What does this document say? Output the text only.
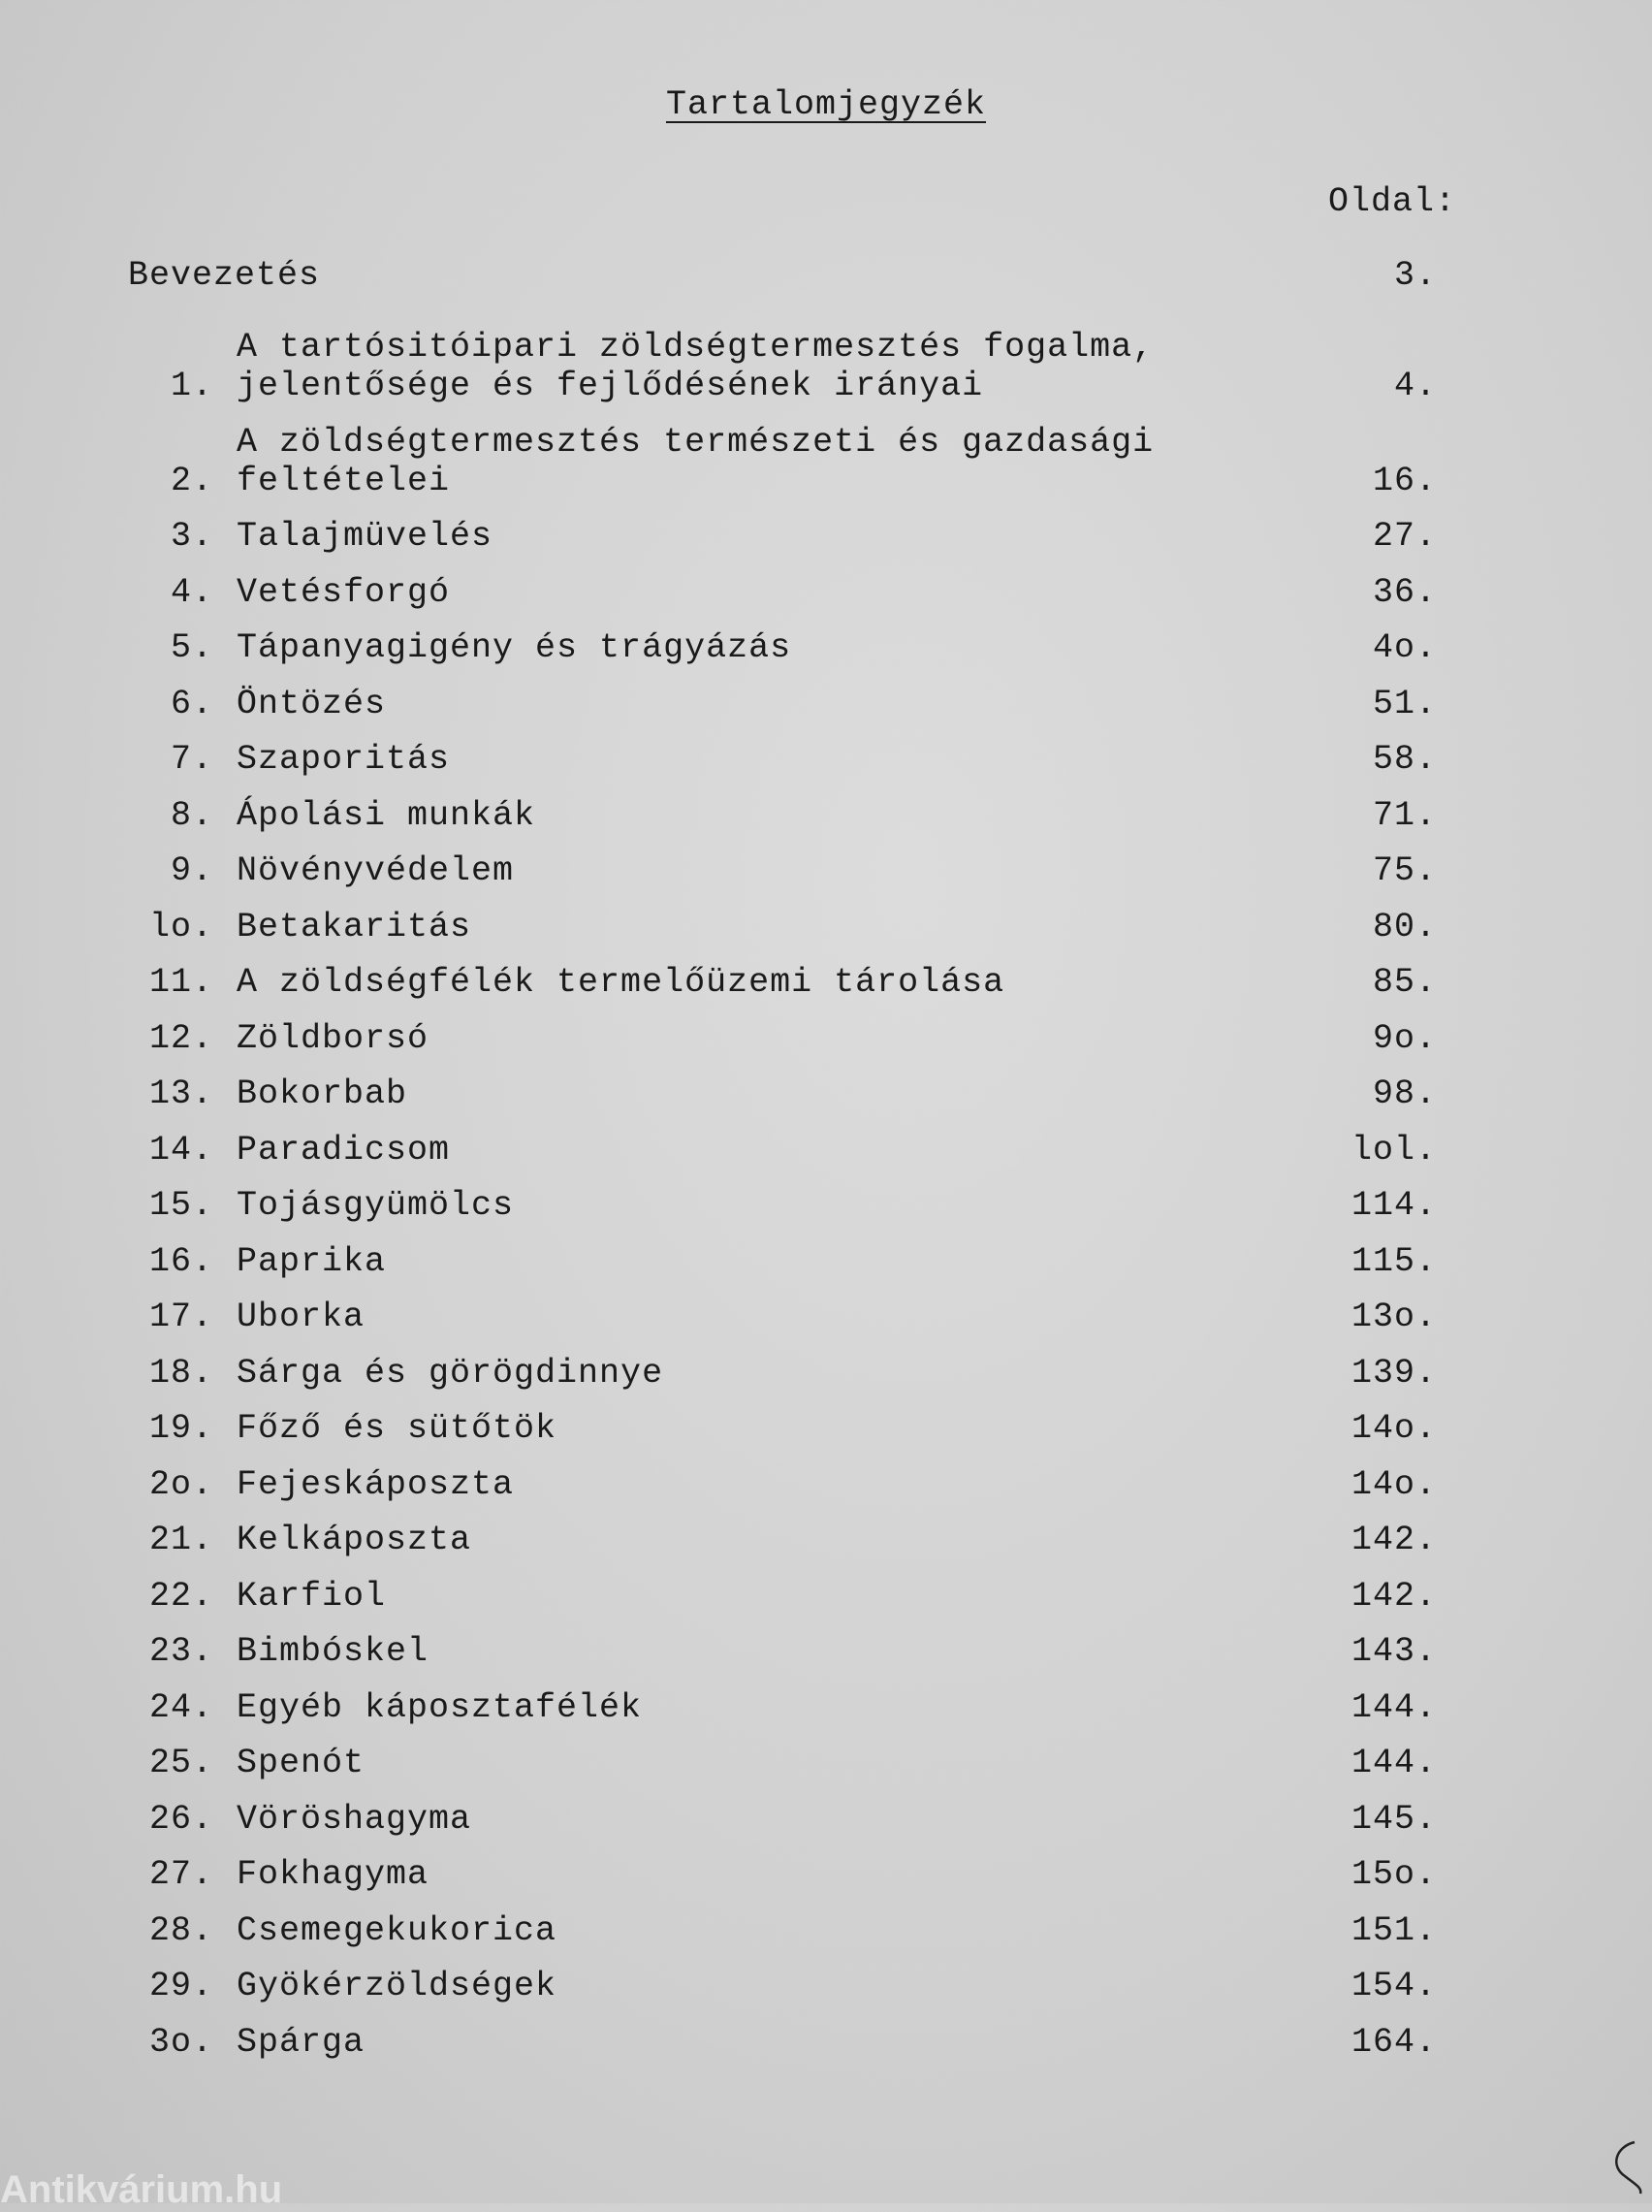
Tartalomjegyzék
Oldal:
Bevezetés	3.
1.
A tartósitóipari zöldségtermesztés fogalma,
jelentősége és fejlődésének irányai	4.
2.
A zöldségtermesztés természeti és gazdasági
feltételei	16.
3. Talajmüvelés	27.
4. Vetésforgó	36.
5. Tápanyagigény és trágyázás	4o.
6. Öntözés	51.
7. Szaporitás	58.
8. Ápolási munkák	71.
9. Növényvédelem	75.
lo. Betakaritás	80.
11. A zöldségfélék termelőüzemi tárolása	85.
12. Zöldborsó	9o.
13. Bokorbab	98.
14. Paradicsom	lol.
15. Tojásgyümölcs	114.
16. Paprika	115.
17. Uborka	13o.
18. Sárga és görögdinnye	139.
19. Főző és sütőtök	14o.
2o. Fejeskáposzta	14o.
21. Kelkáposzta	142.
22. Karfiol	142.
23. Bimbóskel	143.
24. Egyéb káposztafélék	144.
25. Spenót	144.
26. Vöröshagyma	145.
27. Fokhagyma	15o.
28. Csemegekukorica	151.
29. Gyökérzöldségek	154.
3o. Spárga	164.
Antikvárium.hu
